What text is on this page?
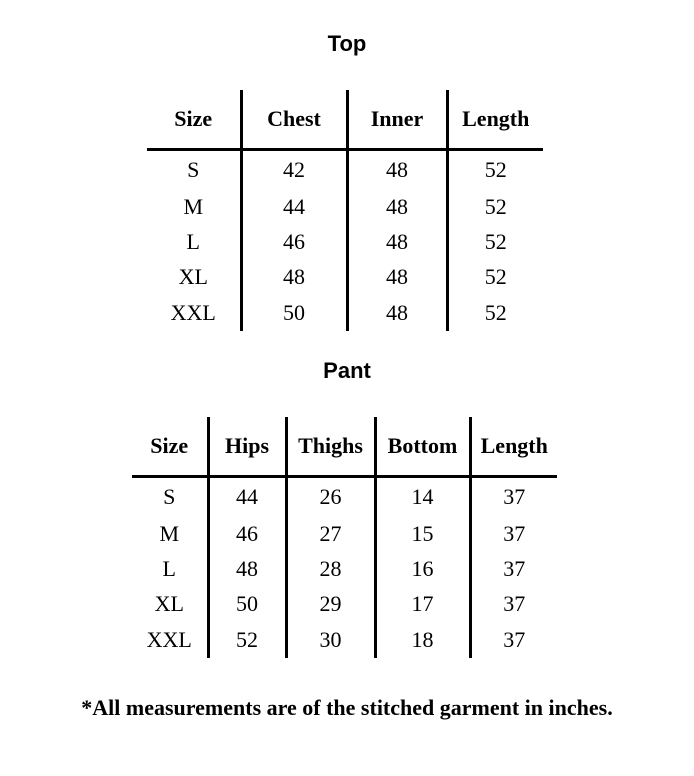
Top
Size	Chest	Inner	Length
S	42	48	52
M	44	48	52
L	46	48	52
XL	48	48	52
XXL	50	48	52
Pant
Size	Hips	Thighs	Bottom	Length
S	44	26	14	37
M	46	27	15	37
L	48	28	16	37
XL	50	29	17	37
XXL	52	30	18	37

*All measurements are of the stitched garment in inches.
